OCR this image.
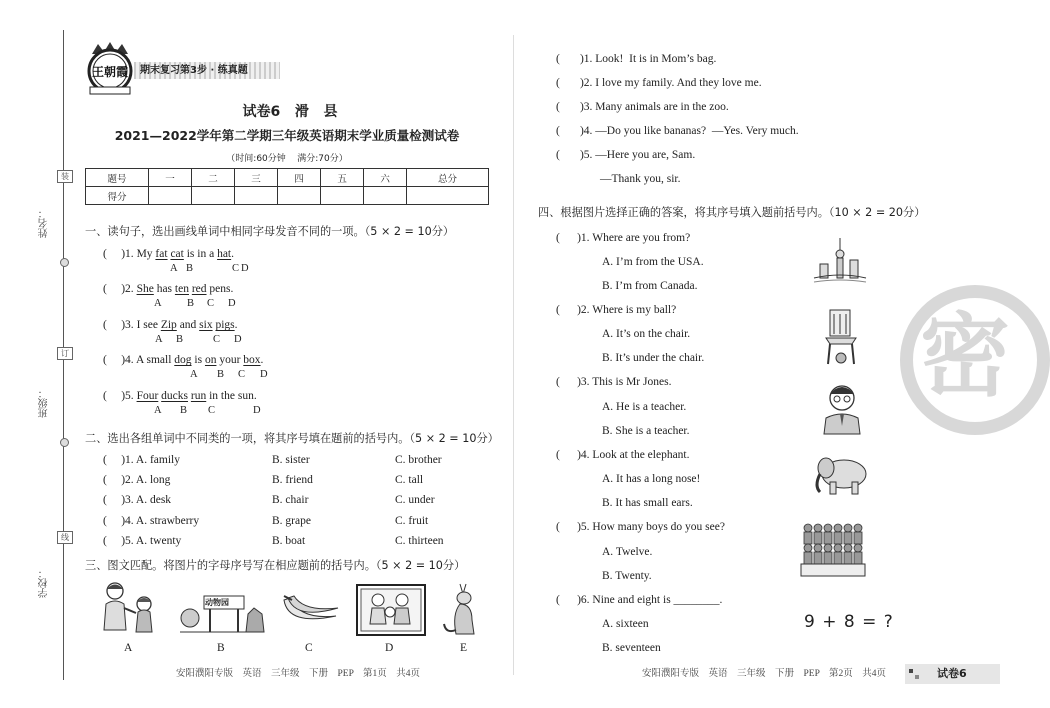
姓名：
班级：
学校：
装
订
线
王朝霞	期末复习第3步 · 练真题
试卷6   滑   县
2021—2022学年第二学期三年级英语期末学业质量检测试卷
（时间:60分钟    满分:70分）
题号	一	二	三	四	五	六	总分
得分							
一、读句子，选出画线单词中相同字母发音不同的一项。（5 × 2 = 10分）
(     )1. My fat cat is in a hat.
A B	C D
(     )2. She has ten red pens.
A B C D
(     )3. I see Zip and six pigs.
A B	C D
(     )4. A small dog is on your box.
A B C D
(     )5. Four ducks run in the sun.
A B C	D
二、选出各组单词中不同类的一项，将其序号填在题前的括号内。（5 × 2 = 10分）
(     )1. A. family	B. sister	C. brother
(     )2. A. long	B. friend	C. tall
(     )3. A. desk	B. chair	C. under
(     )4. A. strawberry	B. grape	C. fruit
(     )5. A. twenty	B. boat	C. thirteen
三、图文匹配。将图片的字母序号写在相应题前的括号内。（5 × 2 = 10分）
A
动物园
B	C	D	E
安阳濮阳专版    英语    三年级    下册    PEP    第1页    共4页
(       )1. Look!  It is in Mom’s bag.
(       )2. I love my family. And they love me.
(       )3. Many animals are in the zoo.
(       )4. —Do you like bananas?  —Yes. Very much.
(       )5. —Here you are, Sam.
—Thank you, sir.
四、根据图片选择正确的答案，将其序号填入题前括号内。（10 × 2 = 20分）
(      )1. Where are you from?
A. I’m from the USA.
B. I’m from Canada.
(      )2. Where is my ball?
A. It’s on the chair.
B. It’s under the chair.
(      )3. This is Mr Jones.
A. He is a teacher.
B. She is a teacher.
(      )4. Look at the elephant.
A. It has a long nose!
B. It has small ears.
(      )5. How many boys do you see?
A. Twelve.
B. Twenty.
(      )6. Nine and eight is ________.
A. sixteen
B. seventeen
9 + 8 = ?
密
安阳濮阳专版    英语    三年级    下册    PEP    第2页    共4页	试卷6
